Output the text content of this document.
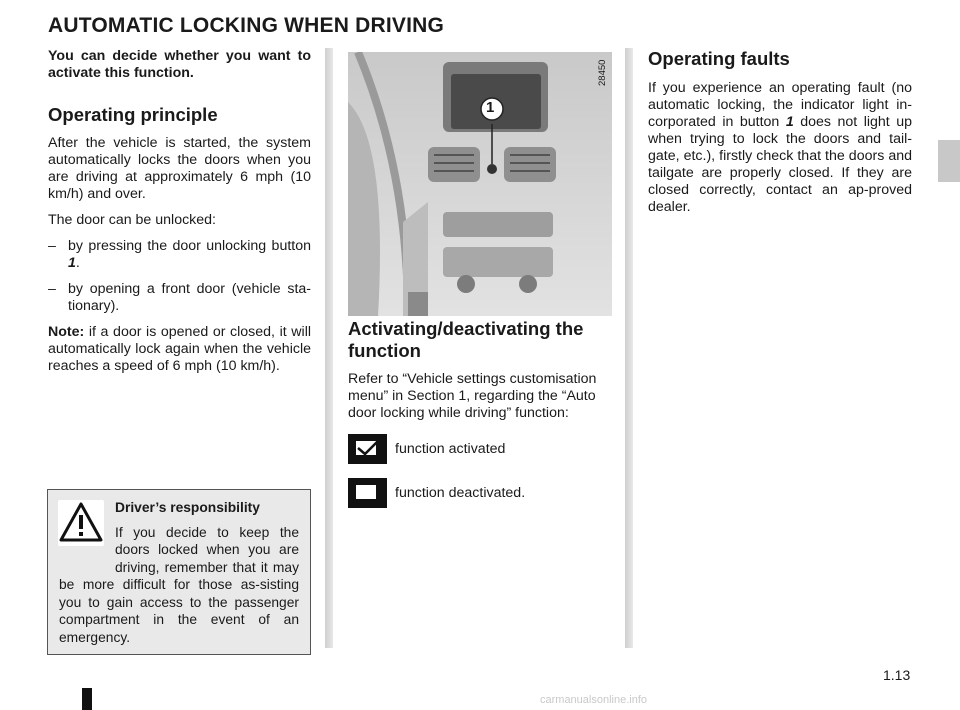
AUTOMATIC LOCKING WHEN DRIVING

You can decide whether you want to activate this function.

Operating principle

After the vehicle is started, the system automatically locks the doors when you are driving at approximately 6 mph (10 km/h) and over.

The door can be unlocked:

– by pressing the door unlocking button 1.
– by opening a front door (vehicle sta-tionary).

Note: if a door is opened or closed, it will automatically lock again when the vehicle reaches a speed of 6 mph (10 km/h).

1
28450
Activating/deactivating the function

Refer to “Vehicle settings customisation menu” in Section 1, regarding the “Auto door locking while driving” function:

function activated
function deactivated.
Driver’s responsibility
If you decide to keep the doors locked when you are driving, remember that it may be more difficult for those as-sisting you to gain access to the passenger compartment in the event of an emergency.
Operating faults

If you experience an operating fault (no automatic locking, the indicator light in-corporated in button 1 does not light up when trying to lock the doors and tail-gate, etc.), firstly check that the doors and tailgate are properly closed. If they are closed correctly, contact an ap-proved dealer.

1.13
carmanualsonline.info
